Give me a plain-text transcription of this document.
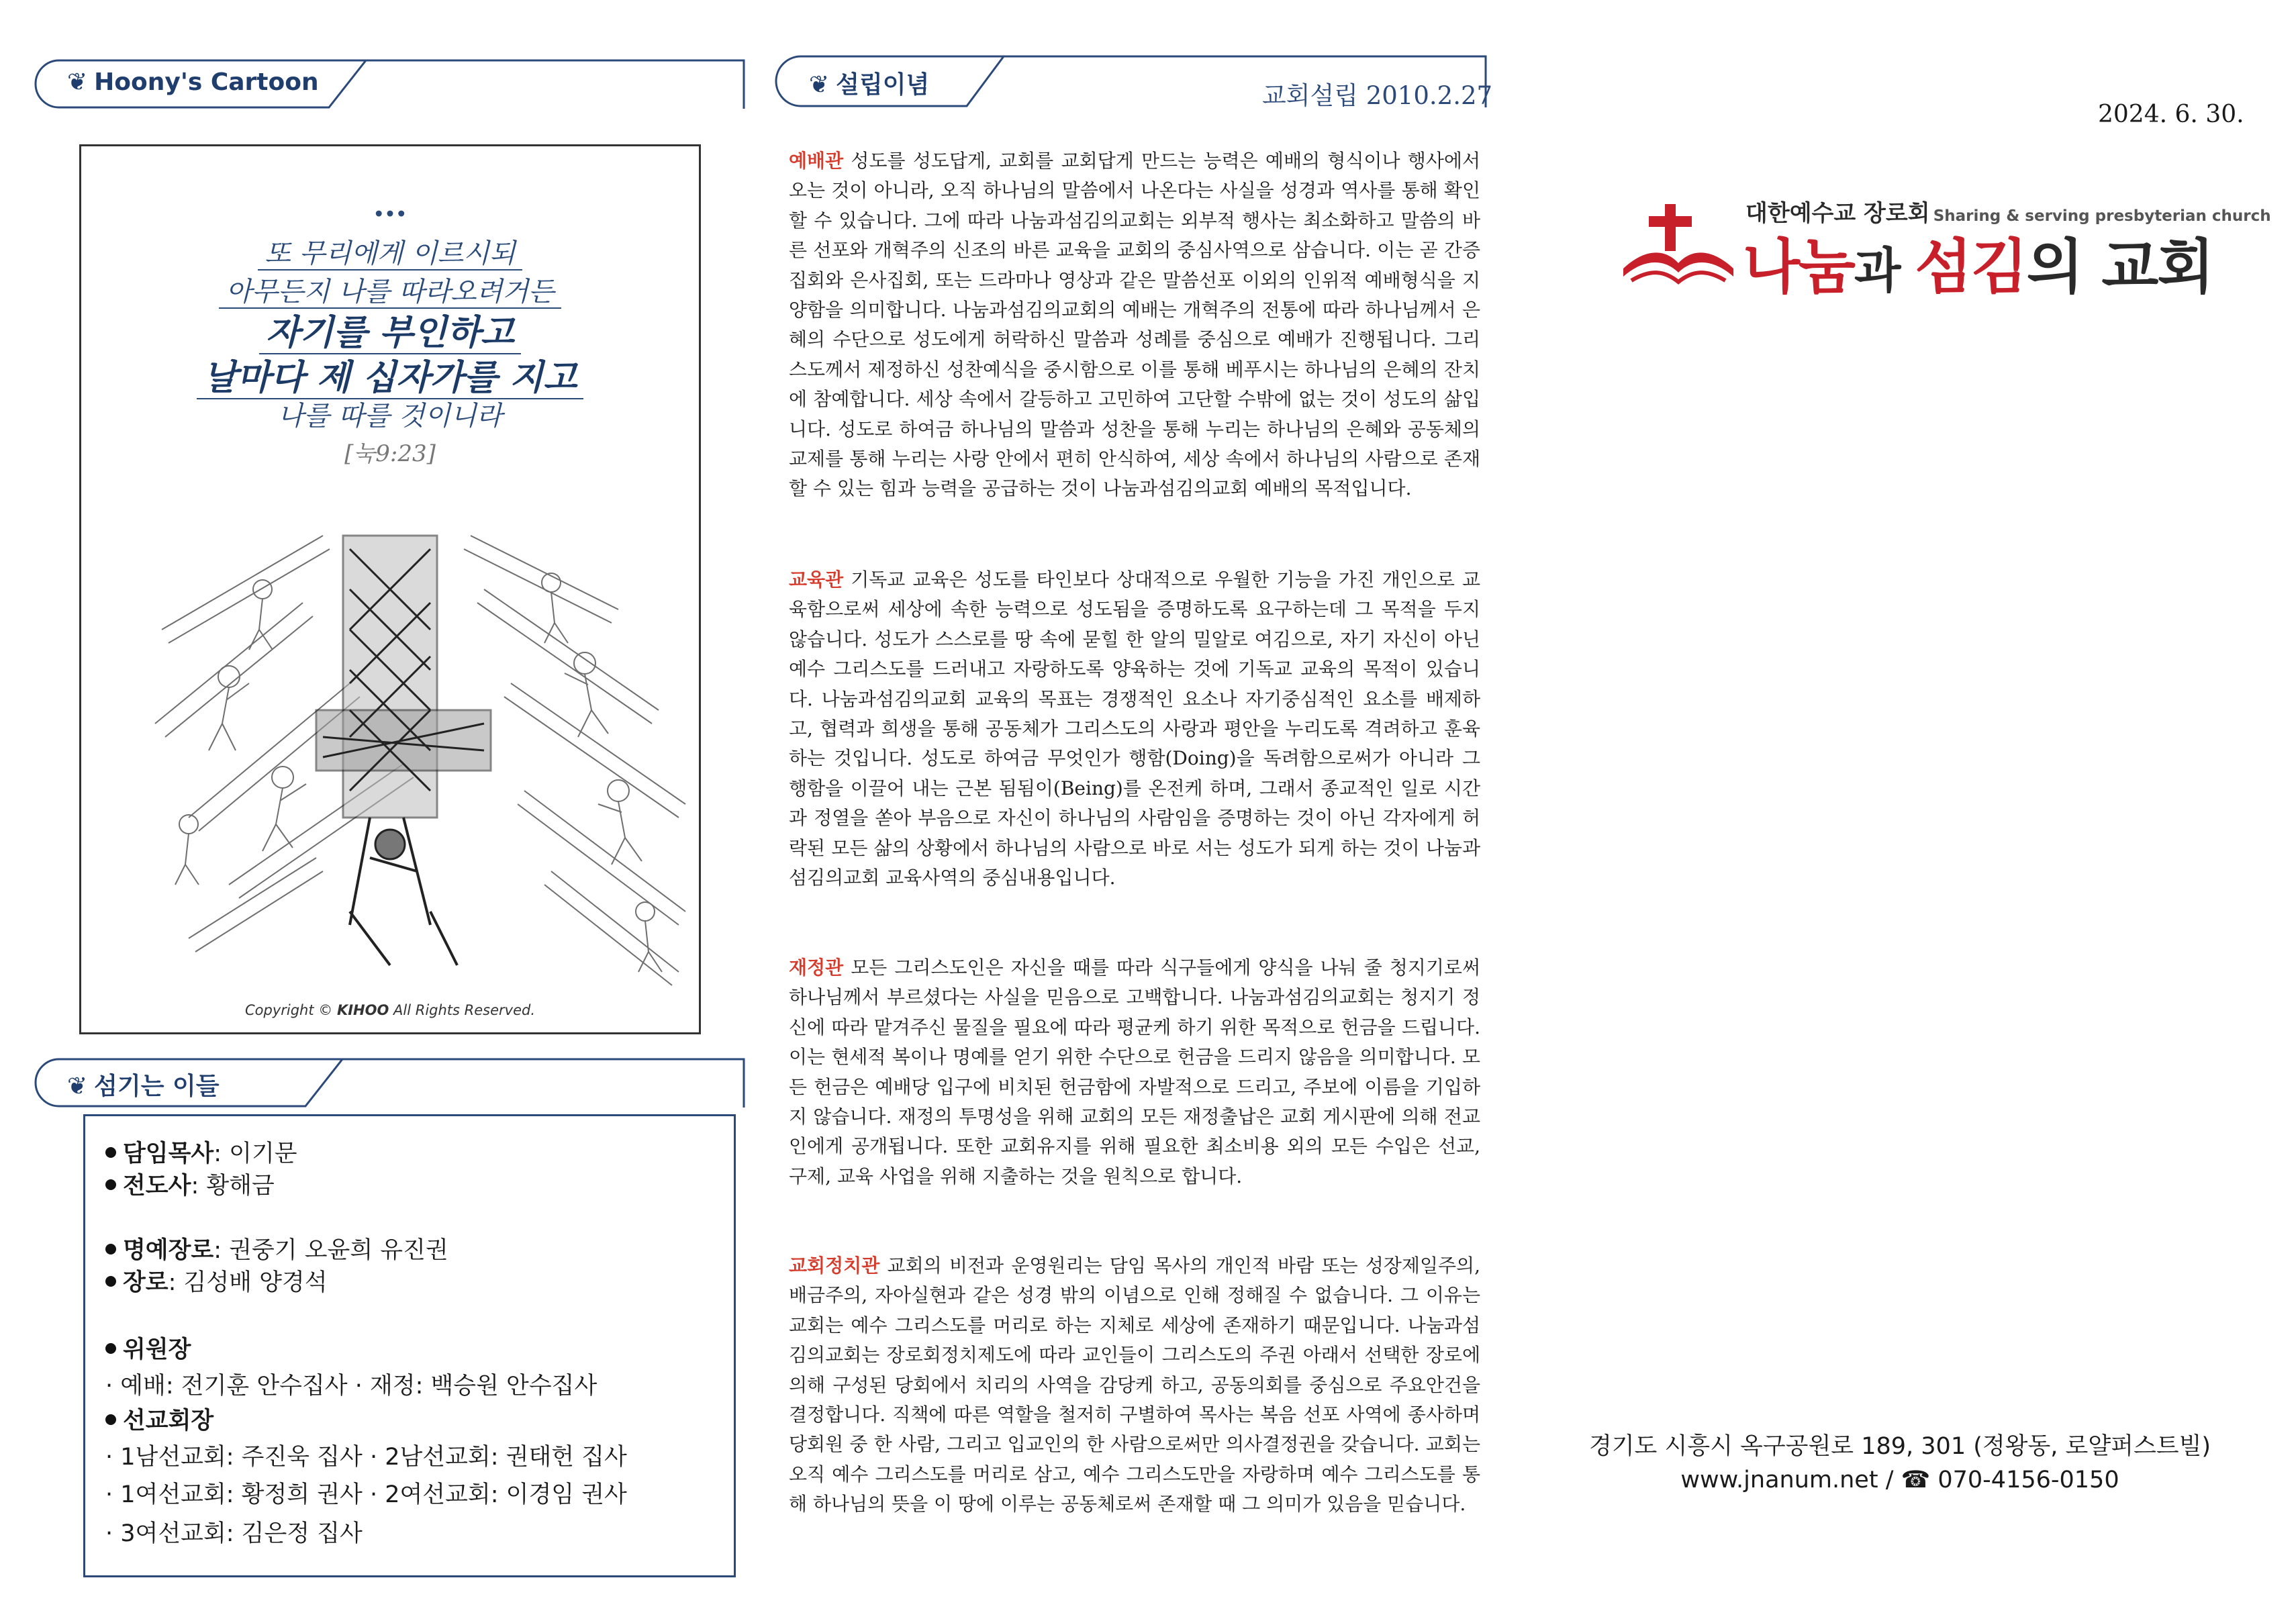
❦ Hoony's Cartoon
...
또 무리에게 이르시되
아무든지 나를 따라오려거든
자기를 부인하고
날마다 제 십자가를 지고
나를 따를 것이니라
[눅9:23]
Copyright © KIHOO All Rights Reserved.
❦ 섬기는 이들
담임목사: 이기문
전도사: 황해금
명예장로: 권중기 오윤희 유진권
장로: 김성배 양경석
위원장
· 예배: 전기훈 안수집사 · 재정: 백승원 안수집사
선교회장
· 1남선교회: 주진욱 집사 · 2남선교회: 권태헌 집사
· 1여선교회: 황정희 권사 · 2여선교회: 이경임 권사
· 3여선교회: 김은정 집사
❦ 설립이념	교회설립 2010.2.27
예배관 성도를 성도답게, 교회를 교회답게 만드는 능력은 예배의 형식이나 행사에서 오는 것이 아니라, 오직 하나님의 말씀에서 나온다는 사실을 성경과 역사를 통해 확인할 수 있습니다. 그에 따라 나눔과섬김의교회는 외부적 행사는 최소화하고 말씀의 바른 선포와 개혁주의 신조의 바른 교육을 교회의 중심사역으로 삼습니다. 이는 곧 간증집회와 은사집회, 또는 드라마나 영상과 같은 말씀선포 이외의 인위적 예배형식을 지양함을 의미합니다. 나눔과섬김의교회의 예배는 개혁주의 전통에 따라 하나님께서 은혜의 수단으로 성도에게 허락하신 말씀과 성례를 중심으로 예배가 진행됩니다. 그리스도께서 제정하신 성찬예식을 중시함으로 이를 통해 베푸시는 하나님의 은혜의 잔치에 참예합니다. 세상 속에서 갈등하고 고민하여 고단할 수밖에 없는 것이 성도의 삶입니다. 성도로 하여금 하나님의 말씀과 성찬을 통해 누리는 하나님의 은혜와 공동체의 교제를 통해 누리는 사랑 안에서 편히 안식하여, 세상 속에서 하나님의 사람으로 존재할 수 있는 힘과 능력을 공급하는 것이 나눔과섬김의교회 예배의 목적입니다.
교육관 기독교 교육은 성도를 타인보다 상대적으로 우월한 기능을 가진 개인으로 교육함으로써 세상에 속한 능력으로 성도됨을 증명하도록 요구하는데 그 목적을 두지 않습니다. 성도가 스스로를 땅 속에 묻힐 한 알의 밀알로 여김으로, 자기 자신이 아닌 예수 그리스도를 드러내고 자랑하도록 양육하는 것에 기독교 교육의 목적이 있습니다. 나눔과섬김의교회 교육의 목표는 경쟁적인 요소나 자기중심적인 요소를 배제하고, 협력과 희생을 통해 공동체가 그리스도의 사랑과 평안을 누리도록 격려하고 훈육하는 것입니다. 성도로 하여금 무엇인가 행함(Doing)을 독려함으로써가 아니라 그 행함을 이끌어 내는 근본 됨됨이(Being)를 온전케 하며, 그래서 종교적인 일로 시간과 정열을 쏟아 부음으로 자신이 하나님의 사람임을 증명하는 것이 아닌 각자에게 허락된 모든 삶의 상황에서 하나님의 사람으로 바로 서는 성도가 되게 하는 것이 나눔과섬김의교회 교육사역의 중심내용입니다.
재정관 모든 그리스도인은 자신을 때를 따라 식구들에게 양식을 나눠 줄 청지기로써 하나님께서 부르셨다는 사실을 믿음으로 고백합니다. 나눔과섬김의교회는 청지기 정신에 따라 맡겨주신 물질을 필요에 따라 평균케 하기 위한 목적으로 헌금을 드립니다. 이는 현세적 복이나 명예를 얻기 위한 수단으로 헌금을 드리지 않음을 의미합니다. 모든 헌금은 예배당 입구에 비치된 헌금함에 자발적으로 드리고, 주보에 이름을 기입하지 않습니다. 재정의 투명성을 위해 교회의 모든 재정출납은 교회 게시판에 의해 전교인에게 공개됩니다. 또한 교회유지를 위해 필요한 최소비용 외의 모든 수입은 선교, 구제, 교육 사업을 위해 지출하는 것을 원칙으로 합니다.
교회정치관 교회의 비전과 운영원리는 담임 목사의 개인적 바람 또는 성장제일주의, 배금주의, 자아실현과 같은 성경 밖의 이념으로 인해 정해질 수 없습니다. 그 이유는 교회는 예수 그리스도를 머리로 하는 지체로 세상에 존재하기 때문입니다. 나눔과섬김의교회는 장로회정치제도에 따라 교인들이 그리스도의 주권 아래서 선택한 장로에 의해 구성된 당회에서 치리의 사역을 감당케 하고, 공동의회를 중심으로 주요안건을 결정합니다. 직책에 따른 역할을 철저히 구별하여 목사는 복음 선포 사역에 종사하며 당회원 중 한 사람, 그리고 입교인의 한 사람으로써만 의사결정권을 갖습니다. 교회는 오직 예수 그리스도를 머리로 삼고, 예수 그리스도만을 자랑하며 예수 그리스도를 통해 하나님의 뜻을 이 땅에 이루는 공동체로써 존재할 때 그 의미가 있음을 믿습니다.
2024. 6. 30.
대한예수교 장로회 Sharing & serving presbyterian church
나눔과 섬김의 교회
경기도 시흥시 옥구공원로 189, 301 (정왕동, 로얄퍼스트빌)
www.jnanum.net / ☎ 070-4156-0150
